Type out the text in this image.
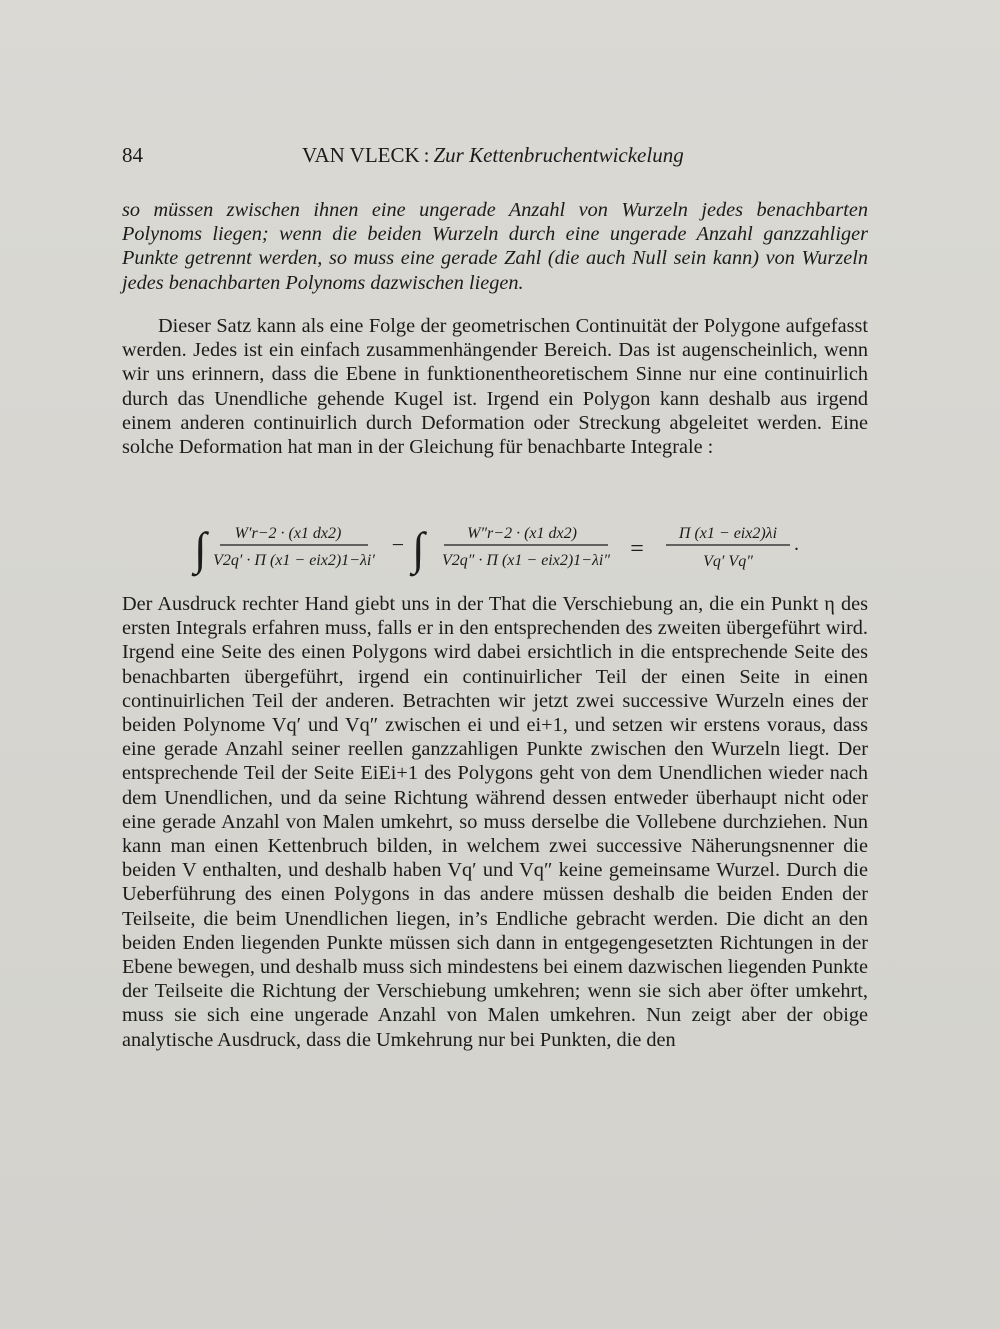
84	VAN VLECK : Zur Kettenbruchentwickelung

so müssen zwischen ihnen eine ungerade Anzahl von Wurzeln jedes benachbarten Polynoms liegen; wenn die beiden Wurzeln durch eine ungerade Anzahl ganzzahliger Punkte getrennt werden, so muss eine gerade Zahl (die auch Null sein kann) von Wurzeln jedes benachbarten Polynoms dazwischen liegen.

Dieser Satz kann als eine Folge der geometrischen Continuität der Polygone aufgefasst werden. Jedes ist ein einfach zusammenhängender Bereich. Das ist augenscheinlich, wenn wir uns erinnern, dass die Ebene in funktionentheoretischem Sinne nur eine continuirlich durch das Unendliche gehende Kugel ist. Irgend ein Polygon kann deshalb aus irgend einem anderen continuirlich durch Deformation oder Streckung abgeleitet werden. Eine solche Deformation hat man in der Gleichung für benachbarte Integrale :

∫ W′r−2 · (x1 dx2)
V2q′ · Π (x1 − eix2)1−λi′
− ∫	W″r−2 · (x1 dx2)
V2q″ · Π (x1 − eix2)1−λi″ =
Π (x1 − eix2)λi
Vq′ Vq″
.

Der Ausdruck rechter Hand giebt uns in der That die Verschiebung an, die ein Punkt η des ersten Integrals erfahren muss, falls er in den entsprechenden des zweiten übergeführt wird. Irgend eine Seite des einen Polygons wird dabei ersichtlich in die entsprechende Seite des benachbarten übergeführt, irgend ein continuirlicher Teil der einen Seite in einen continuirlichen Teil der anderen. Betrachten wir jetzt zwei successive Wurzeln eines der beiden Polynome Vq′ und Vq″ zwischen ei und ei+1, und setzen wir erstens voraus, dass eine gerade Anzahl seiner reellen ganzzahligen Punkte zwischen den Wurzeln liegt. Der entsprechende Teil der Seite EiEi+1 des Polygons geht von dem Unendlichen wieder nach dem Unendlichen, und da seine Richtung während dessen entweder überhaupt nicht oder eine gerade Anzahl von Malen umkehrt, so muss derselbe die Vollebene durchziehen. Nun kann man einen Kettenbruch bilden, in welchem zwei successive Näherungsnenner die beiden V enthalten, und deshalb haben Vq′ und Vq″ keine gemeinsame Wurzel. Durch die Ueberführung des einen Polygons in das andere müssen deshalb die beiden Enden der Teilseite, die beim Unendlichen liegen, in’s Endliche gebracht werden. Die dicht an den beiden Enden liegenden Punkte müssen sich dann in entgegengesetzten Richtungen in der Ebene bewegen, und deshalb muss sich mindestens bei einem dazwischen liegenden Punkte der Teilseite die Richtung der Verschiebung umkehren; wenn sie sich aber öfter umkehrt, muss sie sich eine ungerade Anzahl von Malen umkehren. Nun zeigt aber der obige analytische Ausdruck, dass die Umkehrung nur bei Punkten, die den
